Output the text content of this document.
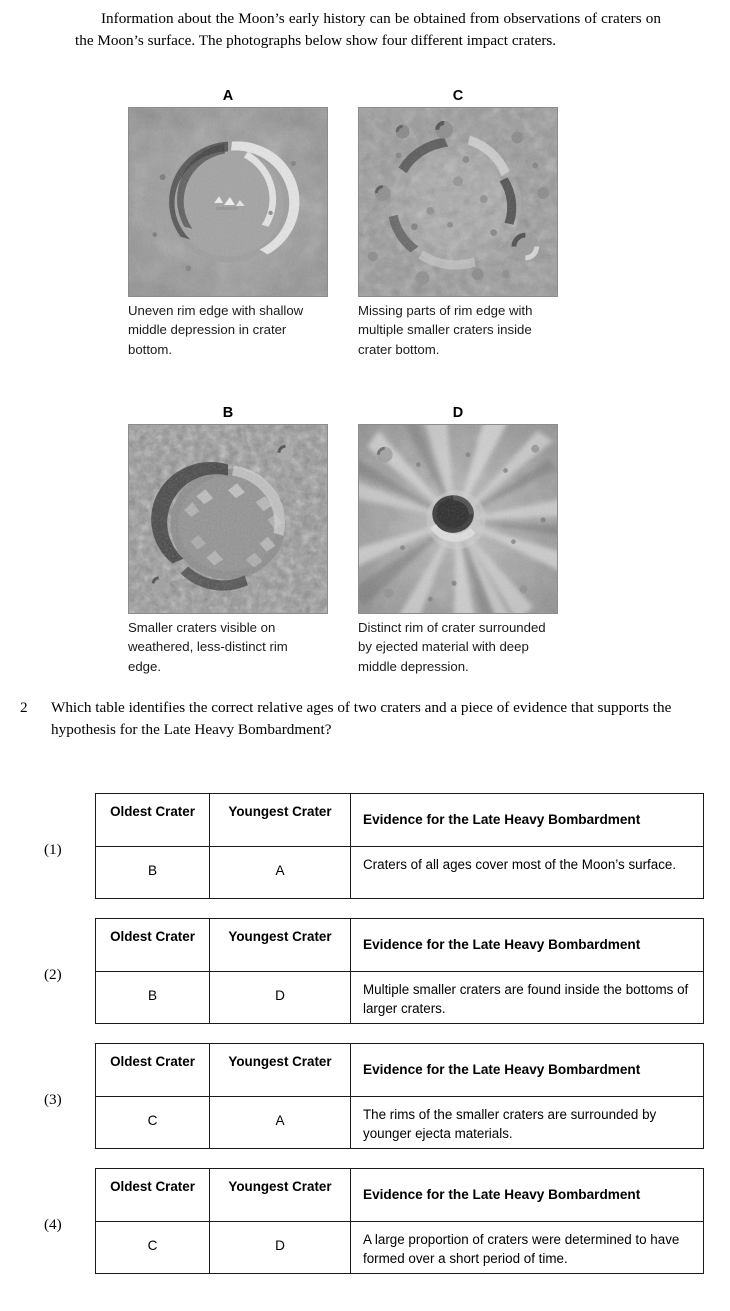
Information about the Moon’s early history can be obtained from observations of craters on the Moon’s surface. The photographs below show four different impact craters.

A
Uneven rim edge with shallow middle depression in crater bottom.
C
Missing parts of rim edge with multiple smaller craters inside crater bottom.
B
Smaller craters visible on weathered, less-distinct rim edge.
D
Distinct rim of crater surrounded by ejected material with deep middle depression.
2	Which table identifies the correct relative ages of two craters and a piece of evidence that supports the hypothesis for the Late Heavy Bombardment?

(1)
Oldest Crater	Youngest Crater	Evidence for the Late Heavy Bombardment
B	A	Craters of all ages cover most of the Moon’s surface.
(2)
Oldest Crater	Youngest Crater	Evidence for the Late Heavy Bombardment
B	D	Multiple smaller craters are found inside the bottoms of larger craters.
(3)
Oldest Crater	Youngest Crater	Evidence for the Late Heavy Bombardment
C	A	The rims of the smaller craters are surrounded by younger ejecta materials.
(4)
Oldest Crater	Youngest Crater	Evidence for the Late Heavy Bombardment
C	D	A large proportion of craters were determined to have formed over a short period of time.
